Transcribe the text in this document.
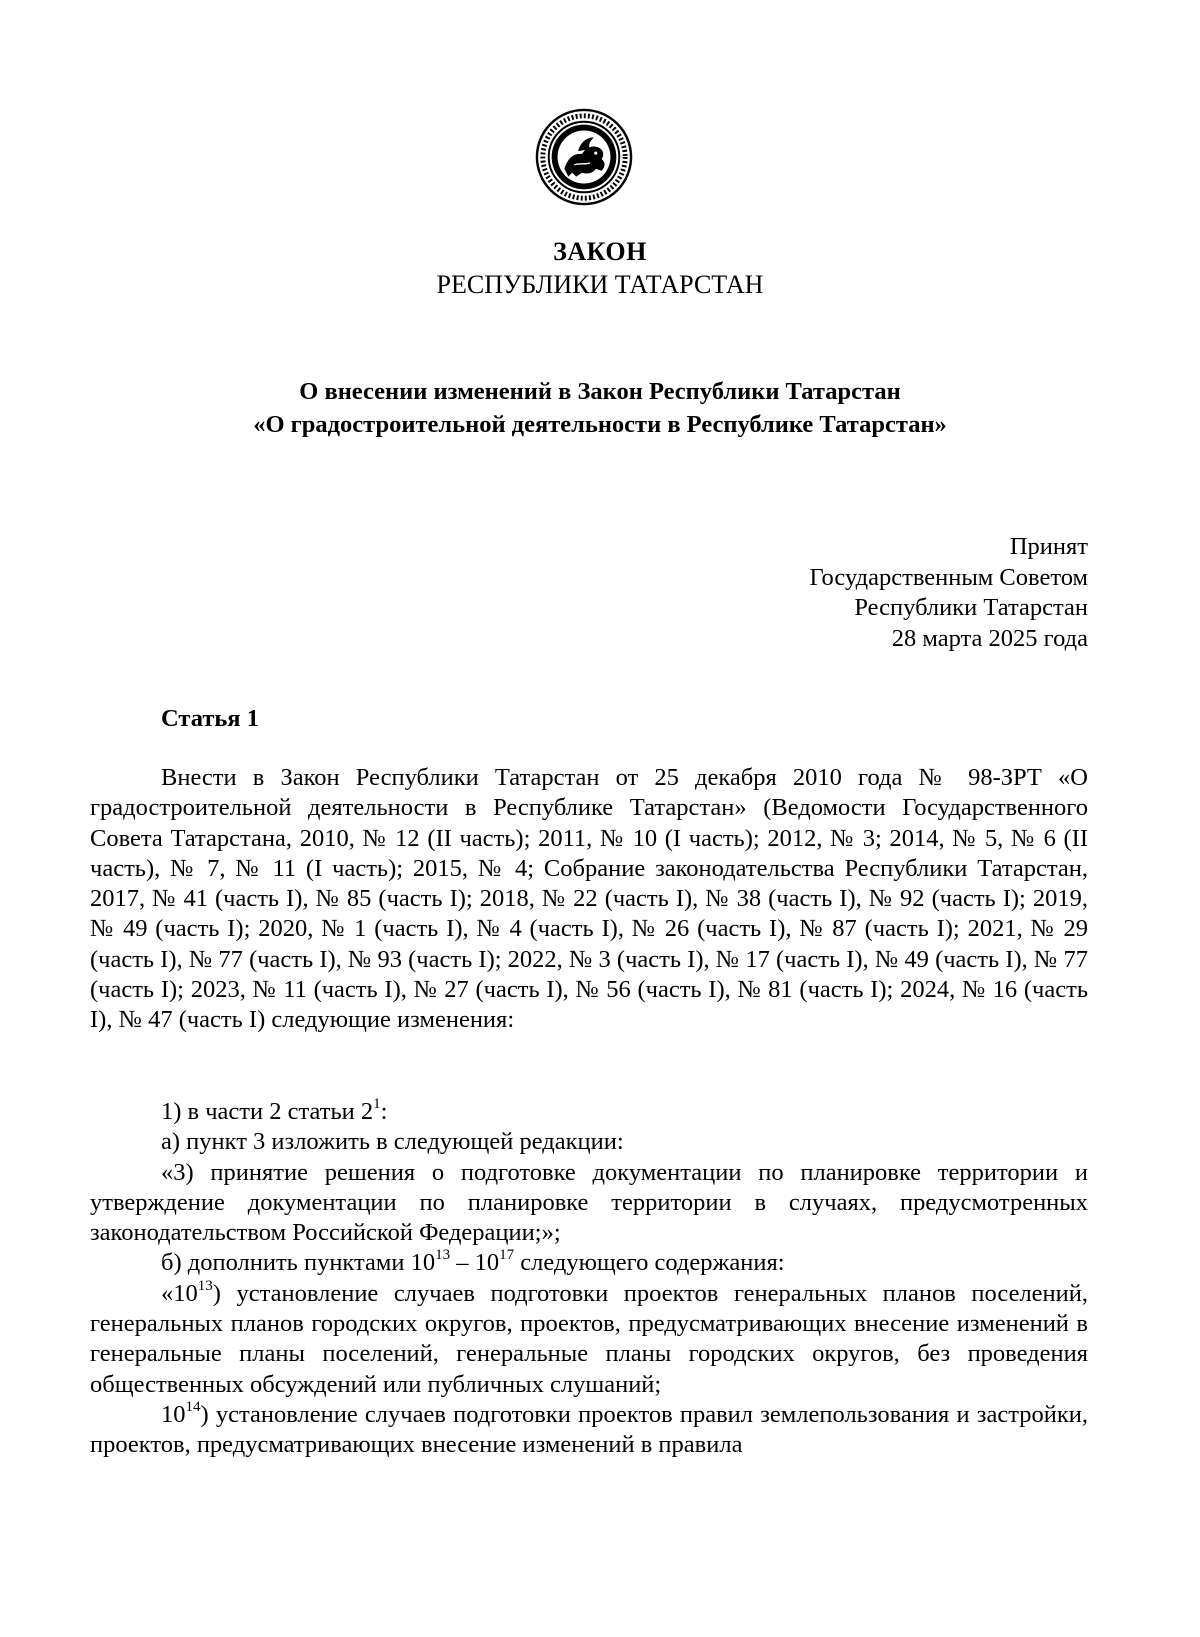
ЗАКОН
РЕСПУБЛИКИ ТАТАРСТАН
О внесении изменений в Закон Республики Татарстан
«О градостроительной деятельности в Республике Татарстан»
Принят
Государственным Советом
Республики Татарстан
28 марта 2025 года
Статья 1

Внести в Закон Республики Татарстан от 25 декабря 2010 года № 98-ЗРТ «О градостроительной деятельности в Республике Татарстан» (Ведомости Государственного Совета Татарстана, 2010, № 12 (II часть); 2011, № 10 (I часть); 2012, № 3; 2014, № 5, № 6 (II часть), № 7, № 11 (I часть); 2015, № 4; Собрание законодательства Республики Татарстан, 2017, № 41 (часть I), № 85 (часть I); 2018, № 22 (часть I), № 38 (часть I), № 92 (часть I); 2019, № 49 (часть I); 2020, № 1 (часть I), № 4 (часть I), № 26 (часть I), № 87 (часть I); 2021, № 29 (часть I), № 77 (часть I), № 93 (часть I); 2022, № 3 (часть I), № 17 (часть I), № 49 (часть I), № 77 (часть I); 2023, № 11 (часть I), № 27 (часть I), № 56 (часть I), № 81 (часть I); 2024, № 16 (часть I), № 47 (часть I) следующие изменения:

1) в части 2 статьи $2^1$:

а) пункт 3 изложить в следующей редакции:

«3) принятие решения о подготовке документации по планировке территории и утверждение документации по планировке территории в случаях, предусмотренных законодательством Российской Федерации;»;

б) дополнить пунктами $10^{13} - 10^{17}$ следующего содержания:

«$10^{13}$) установление случаев подготовки проектов генеральных планов поселений, генеральных планов городских округов, проектов, предусматривающих внесение изменений в генеральные планы поселений, генеральные планы городских округов, без проведения общественных обсуждений или публичных слушаний;

$10^{14}$) установление случаев подготовки проектов правил землепользования и застройки, проектов, предусматривающих внесение изменений в правила
